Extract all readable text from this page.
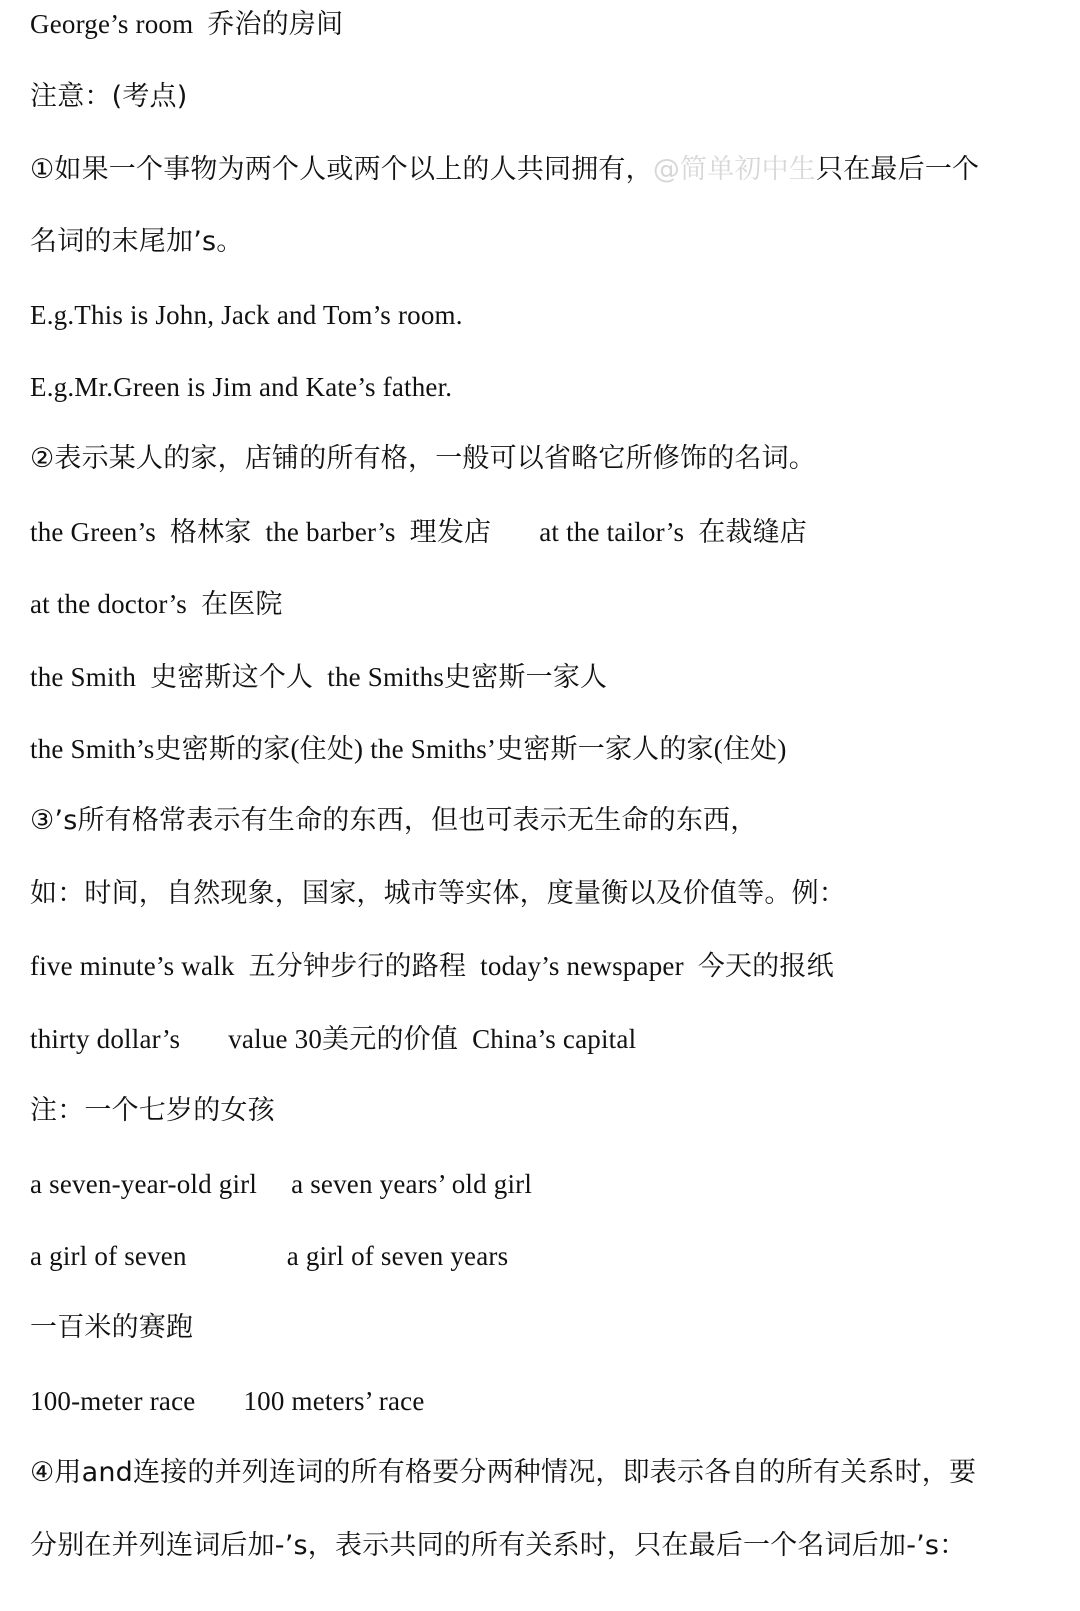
George’s room 乔治的房间
注意：(考点)
①如果一个事物为两个人或两个以上的人共同拥有，@简单初中生只在最后一个
名词的末尾加’s。
E.g.This is John, Jack and Tom’s room.
E.g.Mr.Green is Jim and Kate’s father.
②表示某人的家，店铺的所有格，一般可以省略它所修饰的名词。
the Green’s 格林家 the barber’s 理发店 at the tailor’s 在裁缝店
at the doctor’s 在医院
the Smith 史密斯这个人 the Smiths史密斯一家人
the Smith’s史密斯的家(住处) the Smiths’史密斯一家人的家(住处)
③’s所有格常表示有生命的东西，但也可表示无生命的东西，
如：时间，自然现象，国家，城市等实体，度量衡以及价值等。例：
five minute’s walk 五分钟步行的路程 today’s newspaper 今天的报纸
thirty dollar’s value 30美元的价值 China’s capital
注：一个七岁的女孩
a seven-year-old girl a seven years’ old girl
a girl of seven	a girl of seven years
一百米的赛跑
100-meter race 100 meters’ race
④用and连接的并列连词的所有格要分两种情况，即表示各自的所有关系时，要
分别在并列连词后加-’s，表示共同的所有关系时，只在最后一个名词后加-’s：
